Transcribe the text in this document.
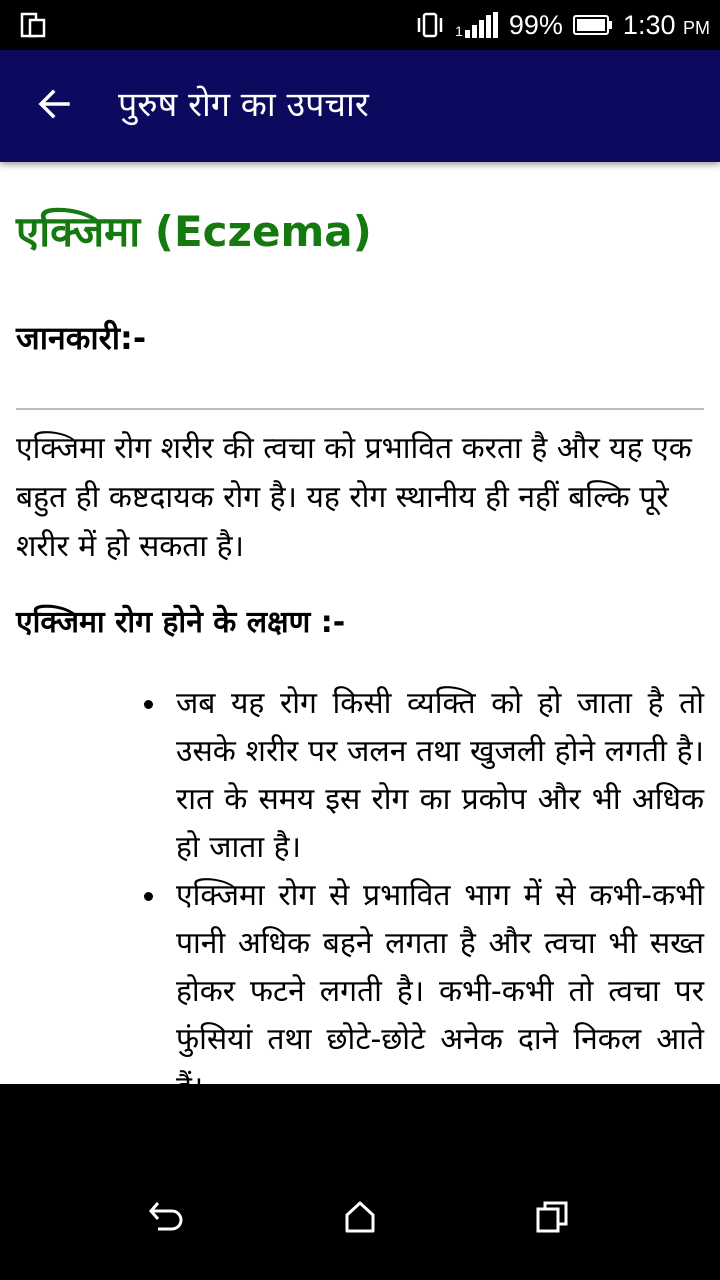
1 99% 1:30 PM
पुरुष रोग का उपचार
एक्जिमा (Eczema)
जानकारी:-

एक्जिमा रोग शरीर की त्वचा को प्रभावित करता है और यह एक बहुत ही कष्टदायक रोग है। यह रोग स्थानीय ही नहीं बल्कि पूरे शरीर में हो सकता है।

एक्जिमा रोग होने के लक्षण :-
जब यह रोग किसी व्यक्ति को हो जाता है तो उसके शरीर पर जलन तथा खुजली होने लगती है। रात के समय इस रोग का प्रकोप और भी अधिक हो जाता है।
एक्जिमा रोग से प्रभावित भाग में से कभी-कभी पानी अधिक बहने लगता है और त्वचा भी सख्त होकर फटने लगती है। कभी-कभी तो त्वचा पर फुंसियां तथा छोटे-छोटे अनेक दाने निकल आते
